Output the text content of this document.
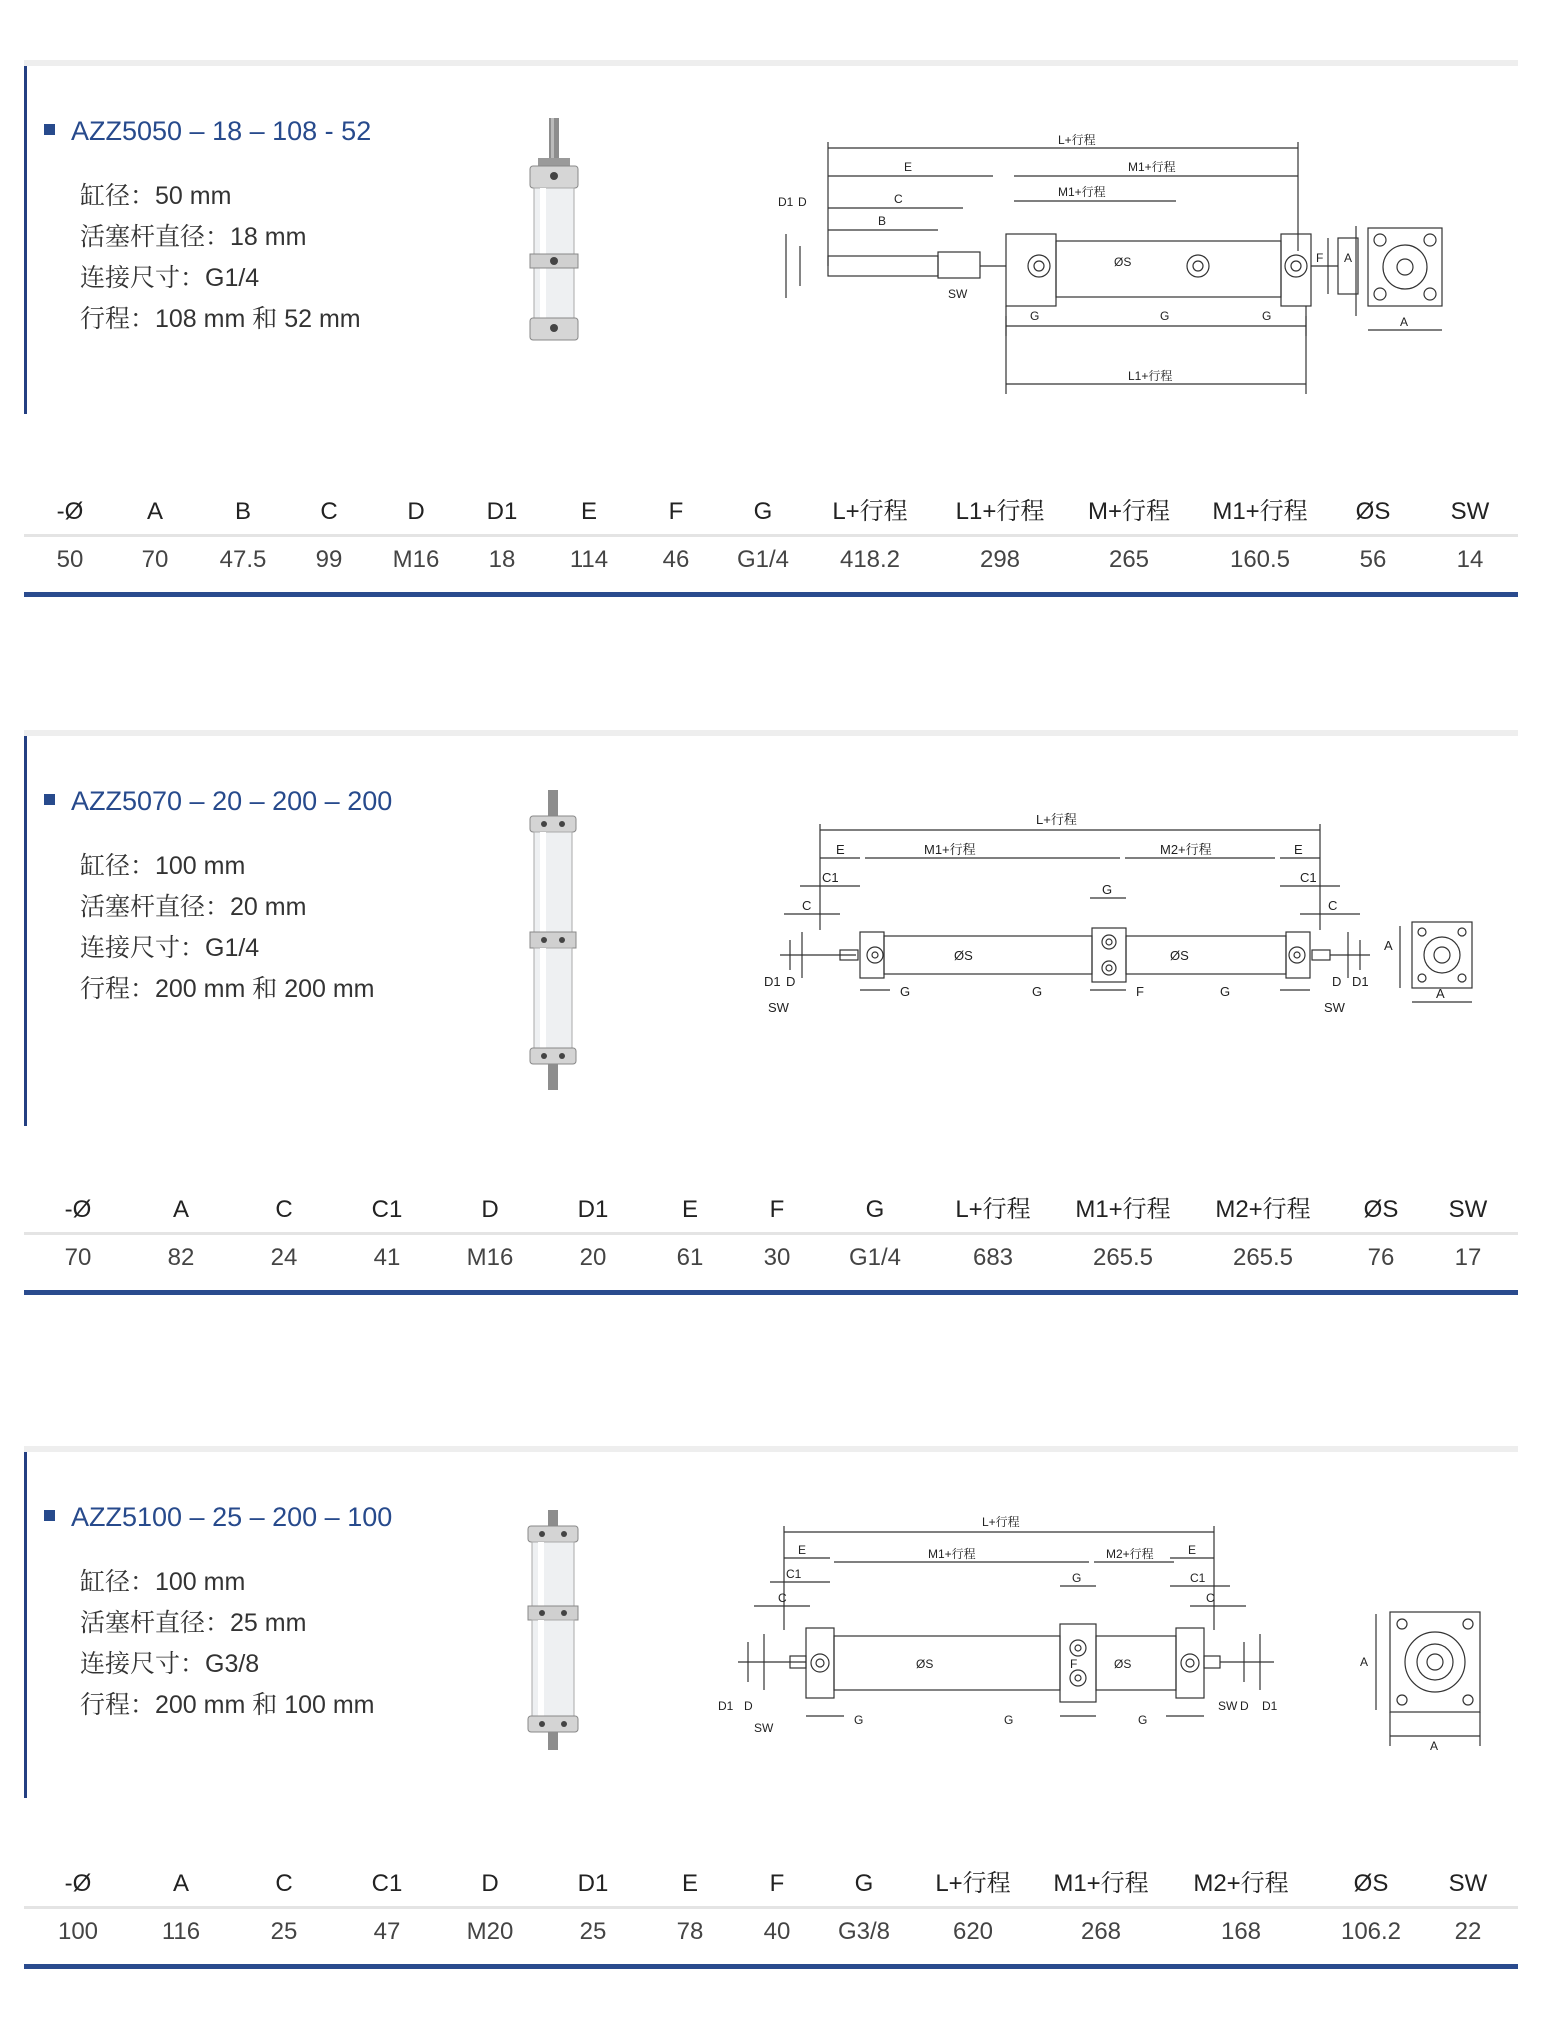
AZZ5050 – 18 – 108 - 52
缸径：50 mm
活塞杆直径：18 mm
连接尺寸：G1/4
行程：108 mm 和 52 mm
L+行程
E	M1+行程
M1+行程
C
B
D1 D
ØS	F A
SW
G	G	G
L1+行程
A
-Ø	A	B	C	D	D1	E	F	G L+行程 L1+行程 M+行程 M1+行程 ØS	SW
50 70 47.5 99 M16 18 114 46 G1/4 418.2	298	265	160.5	56	14
AZZ5070 – 20 – 200 – 200
缸径：100 mm
活塞杆直径：20 mm
连接尺寸：G1/4
行程：200 mm 和 200 mm
L+行程
E	M1+行程	M2+行程	E
C1	C1
C	C
G
ØS	ØS
D1 D	D D1
SW	SW
G	G	F	G
A
A
-Ø	A	C	C1	D	D1	E	F	G	L+行程 M1+行程 M2+行程 ØS SW
70	82	24	41	M16	20	61	30 G1/4	683	265.5	265.5	76	17
AZZ5100 – 25 – 200 – 100
缸径：100 mm
活塞杆直径：25 mm
连接尺寸：G3/8
行程：200 mm 和 100 mm
L+行程
E	M1+行程	M2+行程	E
C1	C1
C	C
G
ØS	ØS
F
D1 D	D D1
SW
SW
G	G	G
A
A
-Ø	A	C	C1	D	D1	E	F	G	L+行程 M1+行程 M2+行程	ØS	SW
100	116	25	47	M20	25	78	40 G3/8	620	268	168	106.2 22
